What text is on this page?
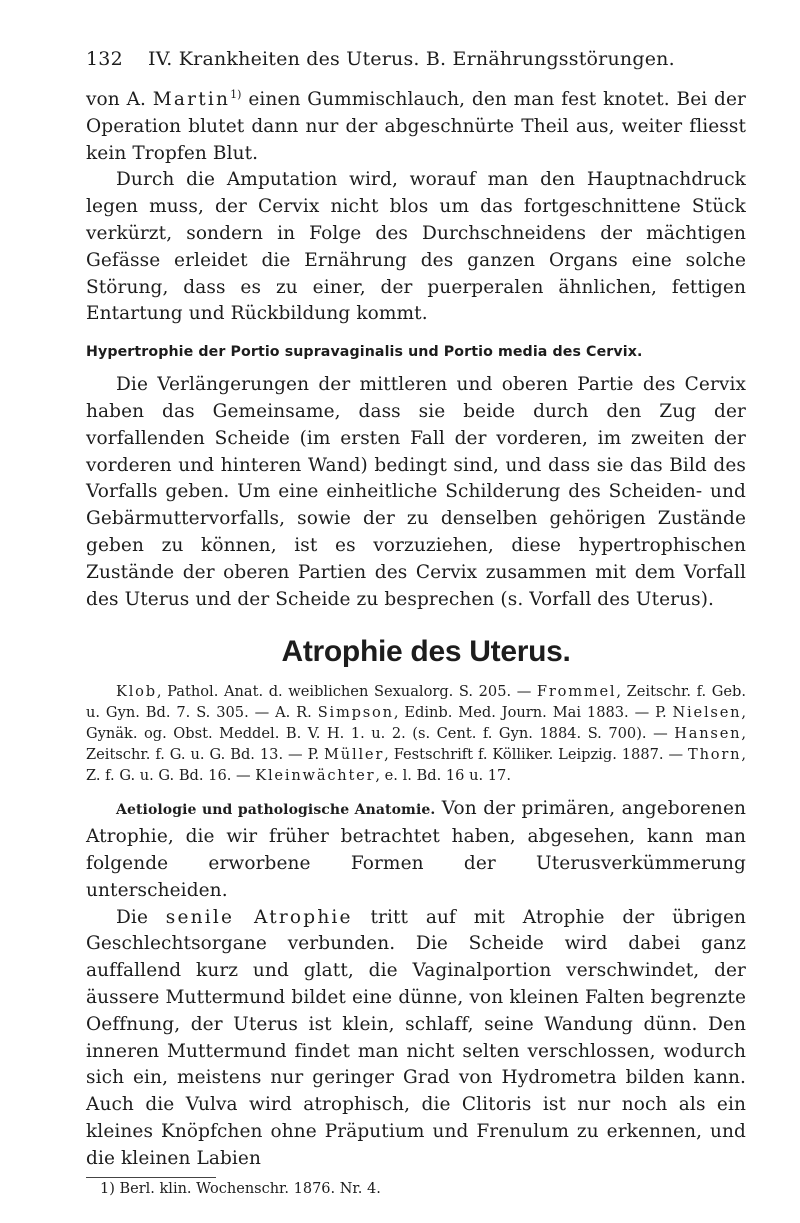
132	IV. Krankheiten des Uterus. B. Ernährungsstörungen.

von A. Martin$^{1)}$ einen Gummischlauch, den man fest knotet. Bei der Operation blutet dann nur der abgeschnürte Theil aus, weiter fliesst kein Tropfen Blut.

Durch die Amputation wird, worauf man den Hauptnachdruck legen muss, der Cervix nicht blos um das fortgeschnittene Stück verkürzt, sondern in Folge des Durchschneidens der mächtigen Gefässe erleidet die Ernährung des ganzen Organs eine solche Störung, dass es zu einer, der puerperalen ähnlichen, fettigen Entartung und Rückbildung kommt.

Hypertrophie der Portio supravaginalis und Portio media des Cervix.

Die Verlängerungen der mittleren und oberen Partie des Cervix haben das Gemeinsame, dass sie beide durch den Zug der vorfallenden Scheide (im ersten Fall der vorderen, im zweiten der vorderen und hinteren Wand) bedingt sind, und dass sie das Bild des Vorfalls geben. Um eine einheitliche Schilderung des Scheiden- und Gebärmuttervorfalls, sowie der zu denselben gehörigen Zustände geben zu können, ist es vorzuziehen, diese hypertrophischen Zustände der oberen Partien des Cervix zusammen mit dem Vorfall des Uterus und der Scheide zu besprechen (s. Vorfall des Uterus).

Atrophie des Uterus.

Klob, Pathol. Anat. d. weiblichen Sexualorg. S. 205. — Frommel, Zeitschr. f. Geb. u. Gyn. Bd. 7. S. 305. — A. R. Simpson, Edinb. Med. Journ. Mai 1883. — P. Nielsen, Gynäk. og. Obst. Meddel. B. V. H. 1. u. 2. (s. Cent. f. Gyn. 1884. S. 700). — Hansen, Zeitschr. f. G. u. G. Bd. 13. — P. Müller, Festschrift f. Kölliker. Leipzig. 1887. — Thorn, Z. f. G. u. G. Bd. 16. — Kleinwächter, e. l. Bd. 16 u. 17.

Aetiologie und pathologische Anatomie. Von der primären, angeborenen Atrophie, die wir früher betrachtet haben, abgesehen, kann man folgende erworbene Formen der Uterusverkümmerung unterscheiden.

Die senile Atrophie tritt auf mit Atrophie der übrigen Geschlechtsorgane verbunden. Die Scheide wird dabei ganz auffallend kurz und glatt, die Vaginalportion verschwindet, der äussere Muttermund bildet eine dünne, von kleinen Falten begrenzte Oeffnung, der Uterus ist klein, schlaff, seine Wandung dünn. Den inneren Muttermund findet man nicht selten verschlossen, wodurch sich ein, meistens nur geringer Grad von Hydrometra bilden kann. Auch die Vulva wird atrophisch, die Clitoris ist nur noch als ein kleines Knöpfchen ohne Präputium und Frenulum zu erkennen, und die kleinen Labien

1) Berl. klin. Wochenschr. 1876. Nr. 4.
